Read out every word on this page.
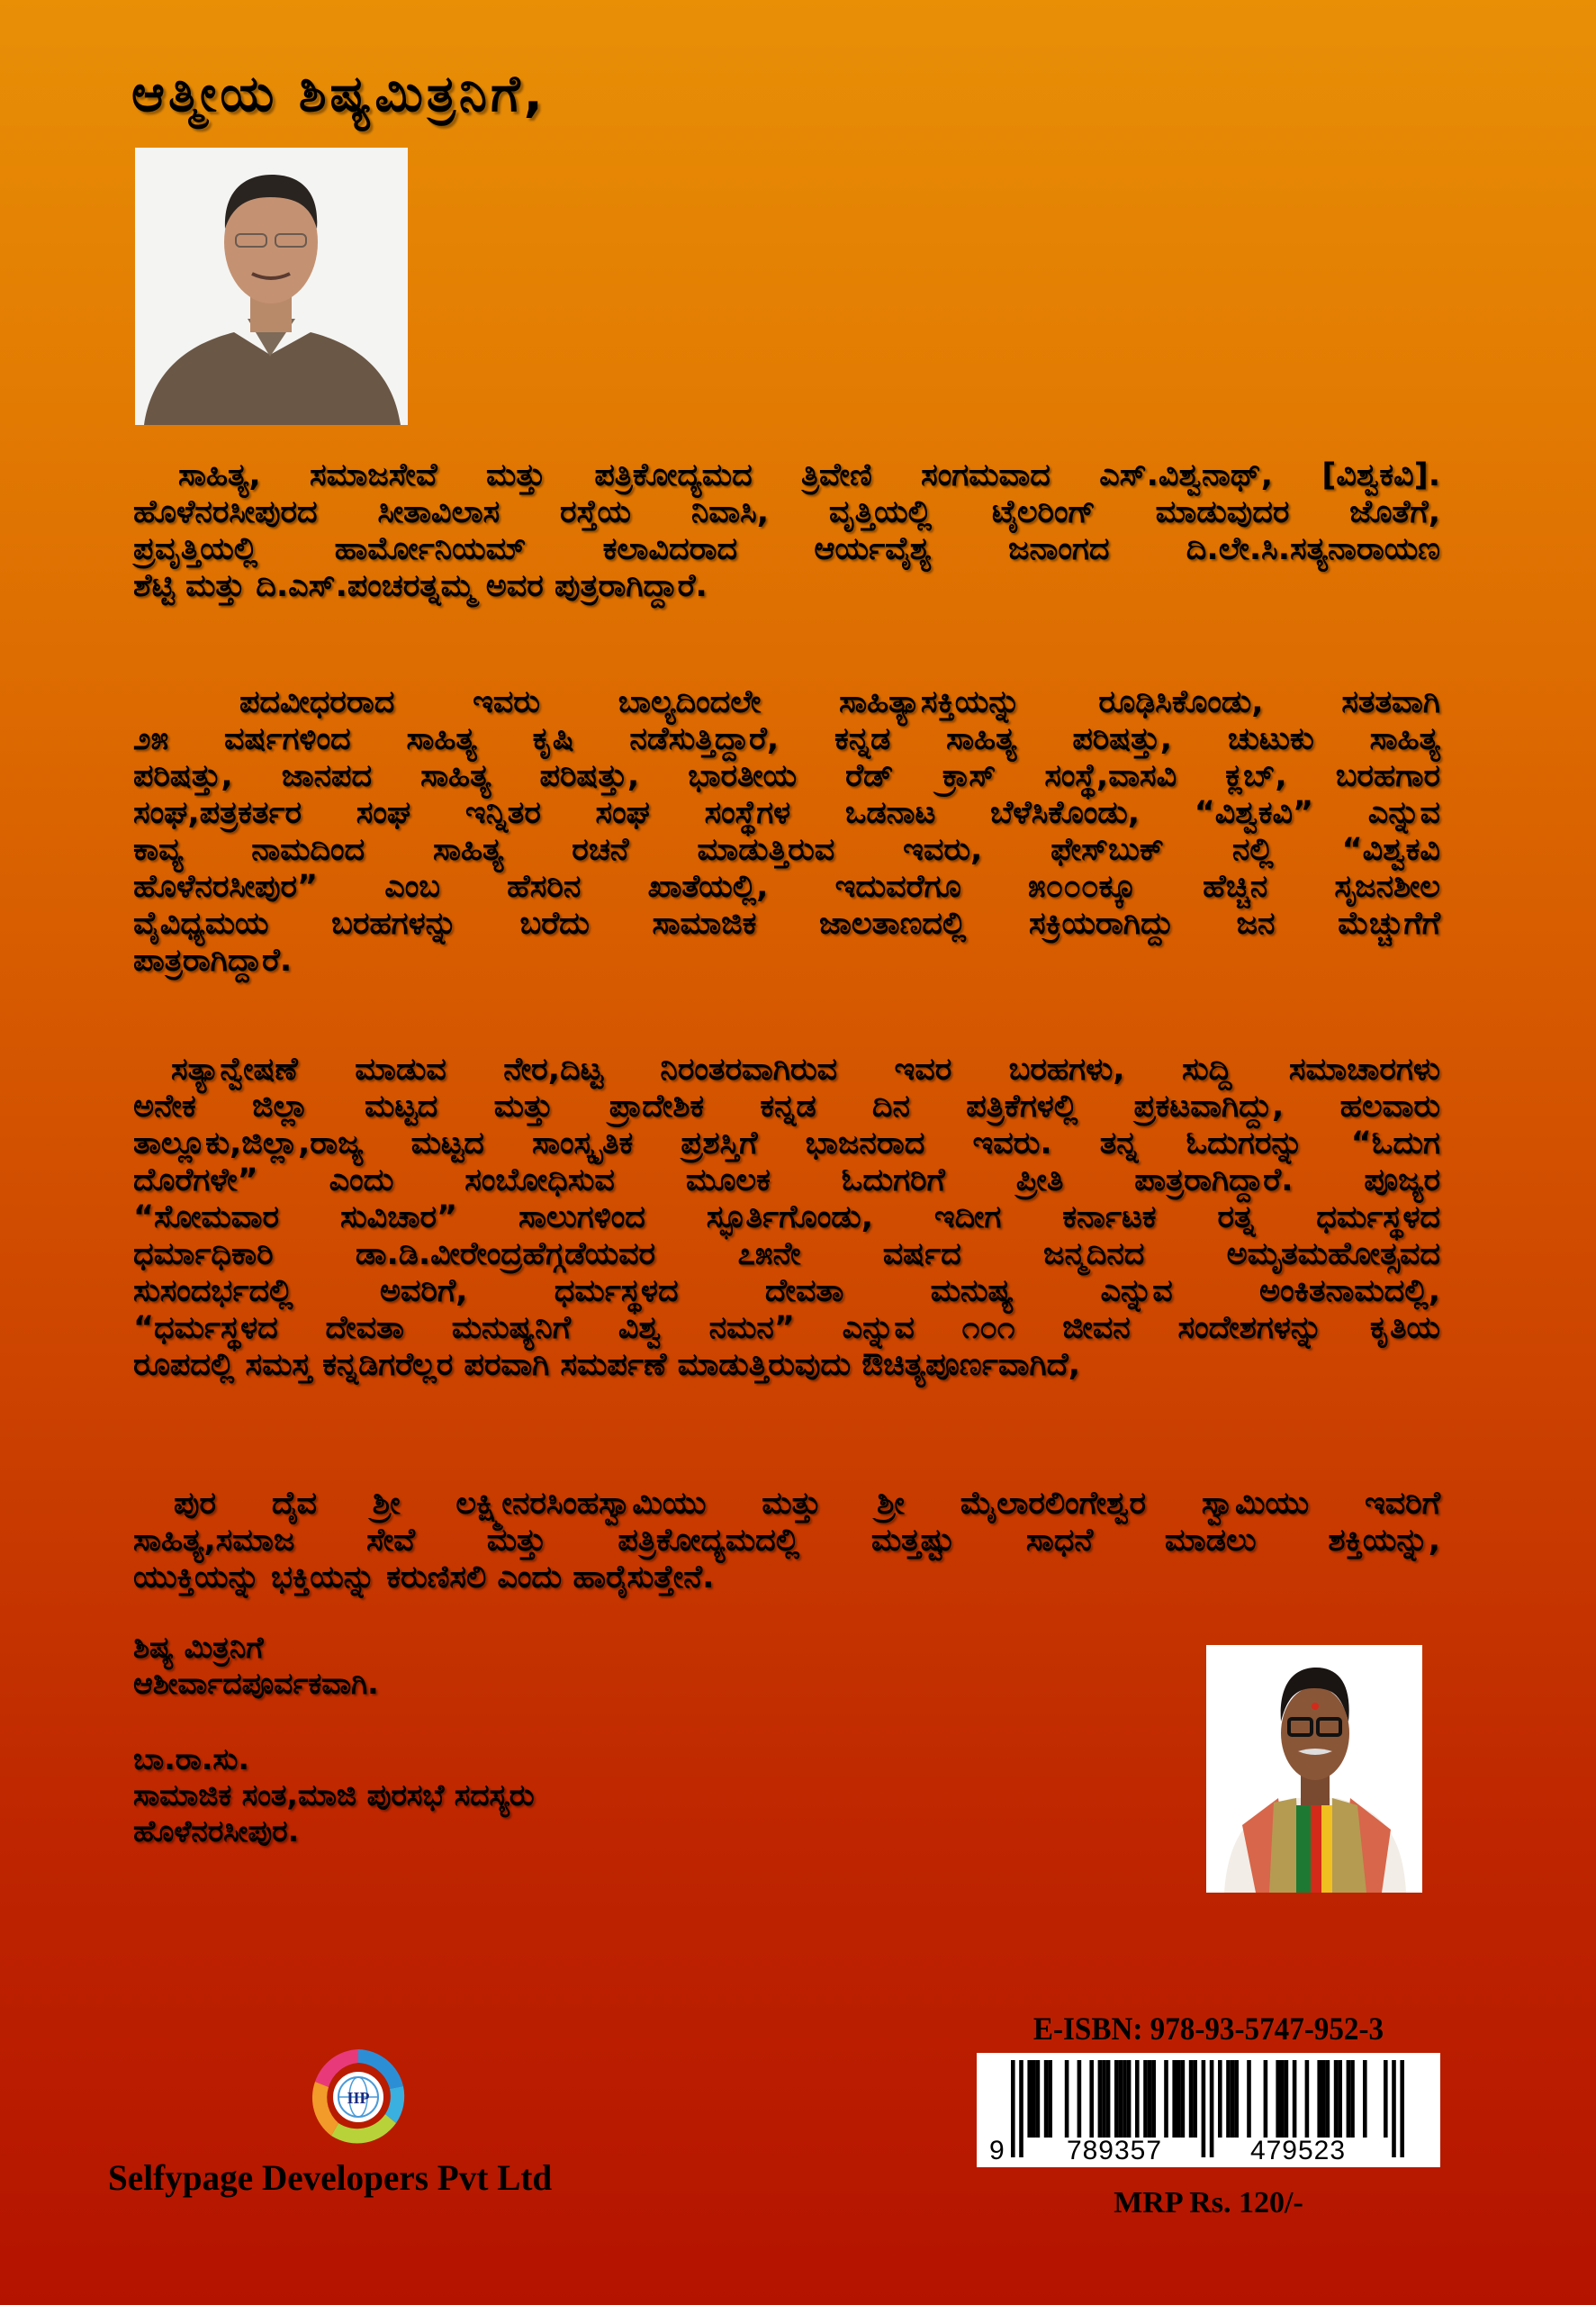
ಆತ್ಮೀಯ ಶಿಷ್ಯಮಿತ್ರನಿಗೆ,
ಸಾಹಿತ್ಯ, ಸಮಾಜಸೇವೆ ಮತ್ತು ಪತ್ರಿಕೋದ್ಯಮದ ತ್ರಿವೇಣಿ ಸಂಗಮವಾದ ಎಸ್.ವಿಶ್ವನಾಥ್, [ವಿಶ್ವಕವಿ].
ಹೊಳೆನರಸೀಪುರದ ಸೀತಾವಿಲಾಸ ರಸ್ತೆಯ ನಿವಾಸಿ, ವೃತ್ತಿಯಲ್ಲಿ ಟೈಲರಿಂಗ್ ಮಾಡುವುದರ ಜೊತೆಗೆ,
ಪ್ರವೃತ್ತಿಯಲ್ಲಿ ಹಾರ್ಮೋನಿಯಮ್ ಕಲಾವಿದರಾದ ಆರ್ಯವೈಶ್ಯ ಜನಾಂಗದ ದಿ.ಲೇ.ಸಿ.ಸತ್ಯನಾರಾಯಣ
ಶೆಟ್ಟಿ ಮತ್ತು ದಿ.ಎಸ್.ಪಂಚರತ್ನಮ್ಮ ಅವರ ಪುತ್ರರಾಗಿದ್ದಾರೆ.
ಪದವೀಧರರಾದ ಇವರು ಬಾಲ್ಯದಿಂದಲೇ ಸಾಹಿತ್ಯಾಸಕ್ತಿಯನ್ನು ರೂಢಿಸಿಕೊಂಡು, ಸತತವಾಗಿ
೨೫ ವರ್ಷಗಳಿಂದ ಸಾಹಿತ್ಯ ಕೃಷಿ ನಡೆಸುತ್ತಿದ್ದಾರೆ, ಕನ್ನಡ ಸಾಹಿತ್ಯ ಪರಿಷತ್ತು, ಚುಟುಕು ಸಾಹಿತ್ಯ
ಪರಿಷತ್ತು, ಜಾನಪದ ಸಾಹಿತ್ಯ ಪರಿಷತ್ತು, ಭಾರತೀಯ ರೆಡ್ ಕ್ರಾಸ್ ಸಂಸ್ಥೆ,ವಾಸವಿ ಕ್ಲಬ್, ಬರಹಗಾರ
ಸಂಘ,ಪತ್ರಕರ್ತರ ಸಂಘ ಇನ್ನಿತರ ಸಂಘ ಸಂಸ್ಥೆಗಳ ಒಡನಾಟ ಬೆಳೆಸಿಕೊಂಡು, “ವಿಶ್ವಕವಿ” ಎನ್ನುವ
ಕಾವ್ಯ ನಾಮದಿಂದ ಸಾಹಿತ್ಯ ರಚನೆ ಮಾಡುತ್ತಿರುವ ಇವರು, ಫೇಸ್‌ಬುಕ್ ನಲ್ಲಿ “ವಿಶ್ವಕವಿ
ಹೊಳೆನರಸೀಪುರ” ಎಂಬ ಹೆಸರಿನ ಖಾತೆಯಲ್ಲಿ, ಇದುವರೆಗೂ ೫೦೦೦ಕ್ಕೂ ಹೆಚ್ಚಿನ ಸೃಜನಶೀಲ
ವೈವಿಧ್ಯಮಯ ಬರಹಗಳನ್ನು ಬರೆದು ಸಾಮಾಜಿಕ ಜಾಲತಾಣದಲ್ಲಿ ಸಕ್ರಿಯರಾಗಿದ್ದು ಜನ ಮೆಚ್ಚುಗೆಗೆ
ಪಾತ್ರರಾಗಿದ್ದಾರೆ.
ಸತ್ಯಾನ್ವೇಷಣೆ ಮಾಡುವ ನೇರ,ದಿಟ್ಟ ನಿರಂತರವಾಗಿರುವ ಇವರ ಬರಹಗಳು, ಸುದ್ದಿ ಸಮಾಚಾರಗಳು
ಅನೇಕ ಜಿಲ್ಲಾ ಮಟ್ಟದ ಮತ್ತು ಪ್ರಾದೇಶಿಕ ಕನ್ನಡ ದಿನ ಪತ್ರಿಕೆಗಳಲ್ಲಿ ಪ್ರಕಟವಾಗಿದ್ದು, ಹಲವಾರು
ತಾಲ್ಲೂಕು,ಜಿಲ್ಲಾ,ರಾಜ್ಯ ಮಟ್ಟದ ಸಾಂಸ್ಕೃತಿಕ ಪ್ರಶಸ್ತಿಗೆ ಭಾಜನರಾದ ಇವರು. ತನ್ನ ಓದುಗರನ್ನು “ಓದುಗ
ದೊರೆಗಳೇ” ಎಂದು ಸಂಬೋಧಿಸುವ ಮೂಲಕ ಓದುಗರಿಗೆ ಪ್ರೀತಿ ಪಾತ್ರರಾಗಿದ್ದಾರೆ. ಪೂಜ್ಯರ
“ಸೋಮವಾರ ಸುವಿಚಾರ” ಸಾಲುಗಳಿಂದ ಸ್ಫೂರ್ತಿಗೊಂಡು, ಇದೀಗ ಕರ್ನಾಟಕ ರತ್ನ ಧರ್ಮಸ್ಥಳದ
ಧರ್ಮಾಧಿಕಾರಿ ಡಾ.ಡಿ.ವೀರೇಂದ್ರಹೆಗ್ಗಡೆಯವರ ೭೫ನೇ ವರ್ಷದ ಜನ್ಮದಿನದ ಅಮೃತಮಹೋತ್ಸವದ
ಸುಸಂದರ್ಭದಲ್ಲಿ ಅವರಿಗೆ, ಧರ್ಮಸ್ಥಳದ ದೇವತಾ ಮನುಷ್ಯ ಎನ್ನುವ ಅಂಕಿತನಾಮದಲ್ಲಿ,
“ಧರ್ಮಸ್ಥಳದ ದೇವತಾ ಮನುಷ್ಯನಿಗೆ ವಿಶ್ವ ನಮನ” ಎನ್ನುವ ೧೦೧ ಜೀವನ ಸಂದೇಶಗಳನ್ನು ಕೃತಿಯ
ರೂಪದಲ್ಲಿ ಸಮಸ್ತ ಕನ್ನಡಿಗರೆಲ್ಲರ ಪರವಾಗಿ ಸಮರ್ಪಣೆ ಮಾಡುತ್ತಿರುವುದು ಔಚಿತ್ಯಪೂರ್ಣವಾಗಿದೆ,
ಪುರ ದೈವ ಶ್ರೀ ಲಕ್ಷ್ಮೀನರಸಿಂಹಸ್ವಾಮಿಯು ಮತ್ತು ಶ್ರೀ ಮೈಲಾರಲಿಂಗೇಶ್ವರ ಸ್ವಾಮಿಯು ಇವರಿಗೆ
ಸಾಹಿತ್ಯ,ಸಮಾಜ ಸೇವೆ ಮತ್ತು ಪತ್ರಿಕೋದ್ಯಮದಲ್ಲಿ ಮತ್ತಷ್ಟು ಸಾಧನೆ ಮಾಡಲು ಶಕ್ತಿಯನ್ನು,
ಯುಕ್ತಿಯನ್ನು ಭಕ್ತಿಯನ್ನು ಕರುಣಿಸಲಿ ಎಂದು ಹಾರೈಸುತ್ತೇನೆ.
ಶಿಷ್ಯ ಮಿತ್ರನಿಗೆ
ಆಶೀರ್ವಾದಪೂರ್ವಕವಾಗಿ.
ಬಾ.ರಾ.ಸು.
ಸಾಮಾಜಿಕ ಸಂತ,ಮಾಜಿ ಪುರಸಭೆ ಸದಸ್ಯರು
ಹೊಳೆನರಸೀಪುರ.
IIP
Selfypage Developers Pvt Ltd
E-ISBN: 978-93-5747-952-3
9 789357	479523
MRP Rs. 120/-
